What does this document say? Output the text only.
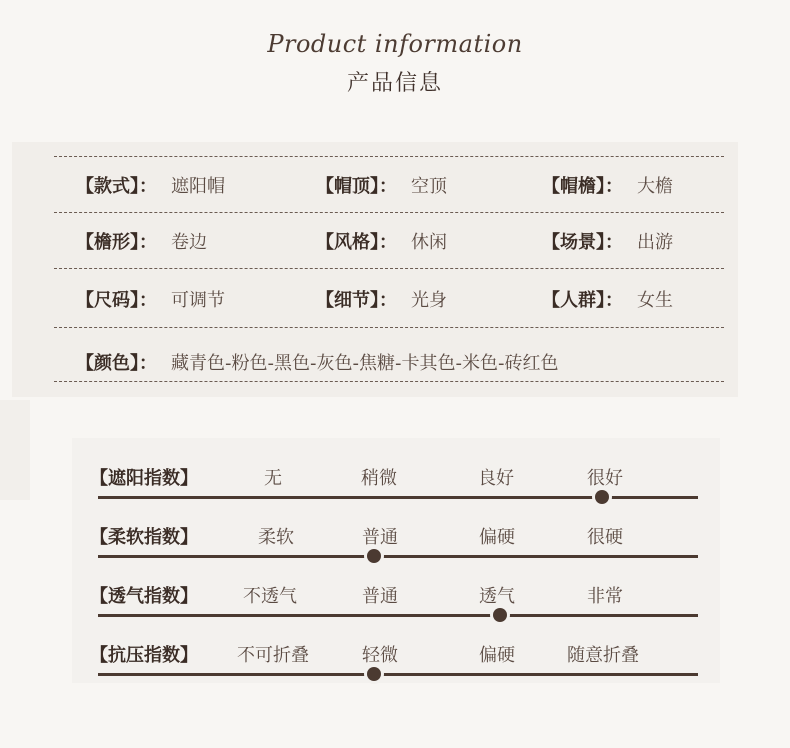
Product information
产品信息
【款式】： 遮阳帽	【帽顶】： 空顶	【帽檐】： 大檐
【檐形】： 卷边	【风格】： 休闲	【场景】： 出游
【尺码】： 可调节	【细节】： 光身	【人群】： 女生
【颜色】： 藏青色-粉色-黑色-灰色-焦糖-卡其色-米色-砖红色
【遮阳指数】	无	稍微	良好	很好
【柔软指数】	柔软	普通	偏硬	很硬
【透气指数】	不透气	普通	透气	非常
【抗压指数】 不可折叠	轻微	偏硬	随意折叠
